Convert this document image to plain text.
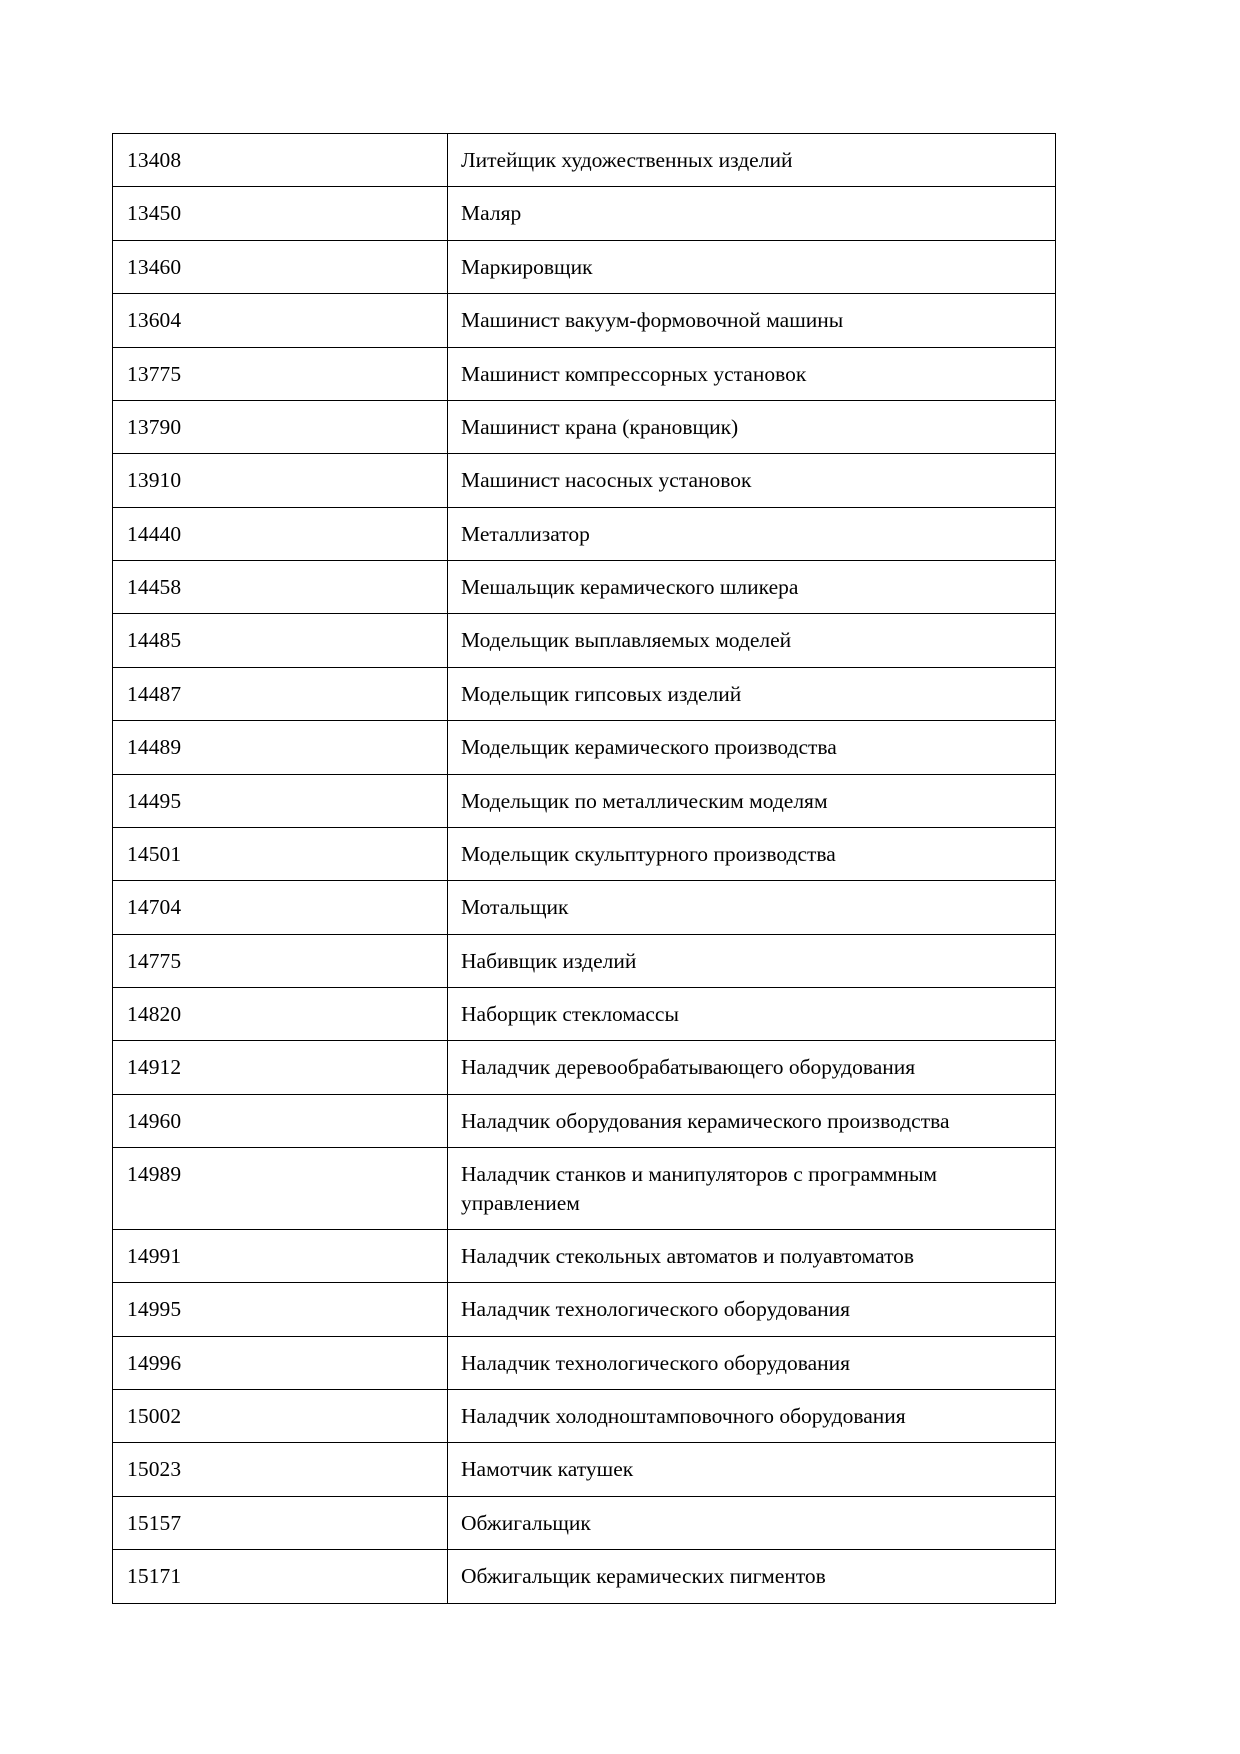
13408	Литейщик художественных изделий
13450	Маляр
13460	Маркировщик
13604	Машинист вакуум-формовочной машины
13775	Машинист компрессорных установок
13790	Машинист крана (крановщик)
13910	Машинист насосных установок
14440	Металлизатор
14458	Мешальщик керамического шликера
14485	Модельщик выплавляемых моделей
14487	Модельщик гипсовых изделий
14489	Модельщик керамического производства
14495	Модельщик по металлическим моделям
14501	Модельщик скульптурного производства
14704	Мотальщик
14775	Набивщик изделий
14820	Наборщик стекломассы
14912	Наладчик деревообрабатывающего оборудования
14960	Наладчик оборудования керамического производства
14989	Наладчик станков и манипуляторов с программным управлением
14991	Наладчик стекольных автоматов и полуавтоматов
14995	Наладчик технологического оборудования
14996	Наладчик технологического оборудования
15002	Наладчик холодноштамповочного оборудования
15023	Намотчик катушек
15157	Обжигальщик
15171	Обжигальщик керамических пигментов
